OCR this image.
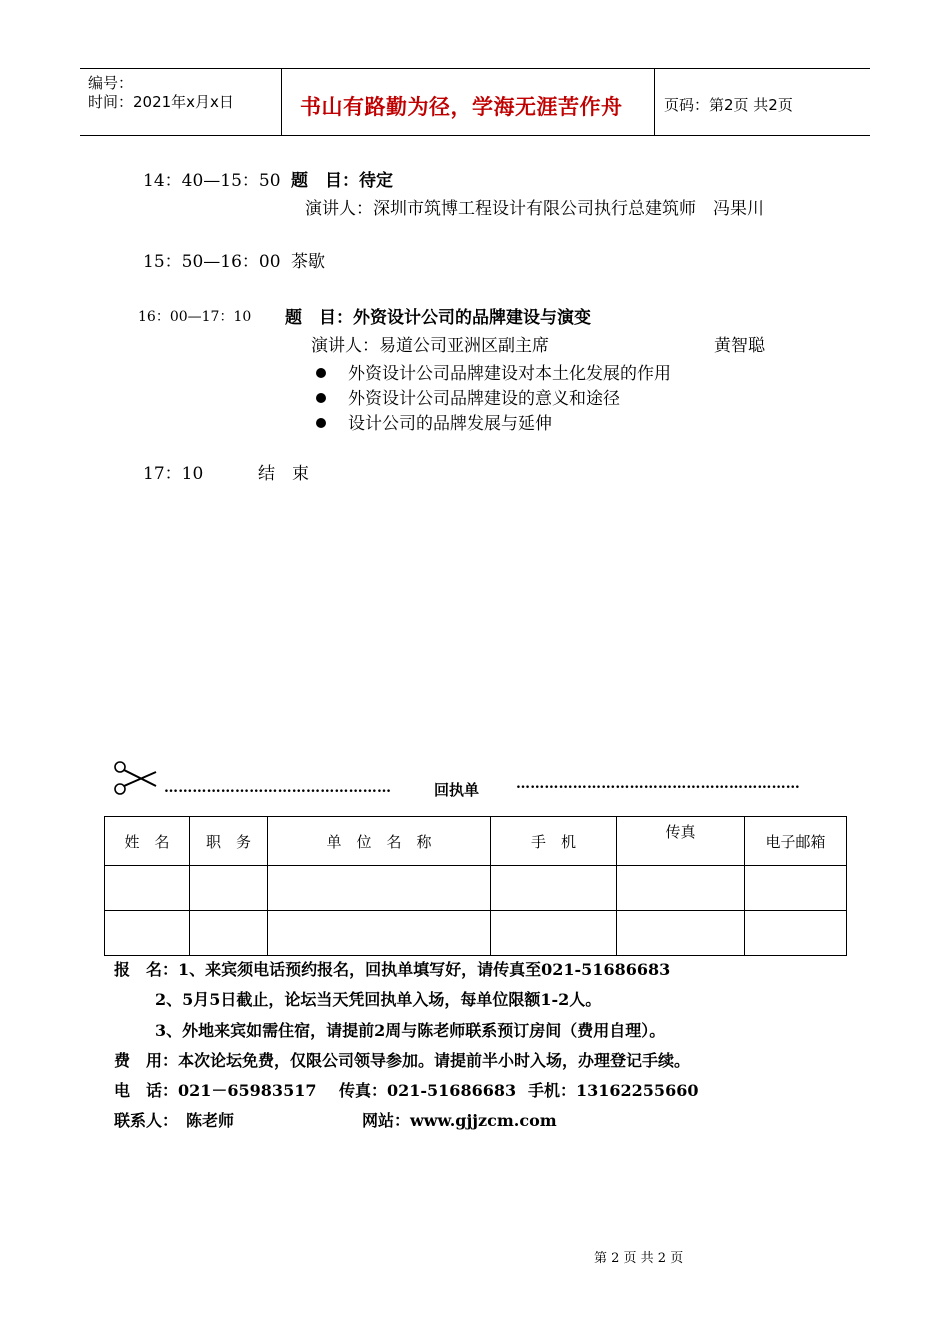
编号：
时间：2021年x月x日	书山有路勤为径，学海无涯苦作舟	页码：第2页 共2页
14：40—15：50 题　目：待定
演讲人：深圳市筑博工程设计有限公司执行总建筑师　冯果川
15：50—16：00 茶歇
16：00—17：10 题　目：外资设计公司的品牌建设与演变
演讲人：易道公司亚洲区副主席	黄智聪
外资设计公司品牌建设对本土化发展的作用
外资设计公司品牌建设的意义和途径
设计公司的品牌发展与延伸
17：10	结　束
…………………………………………	回执单	……………………………………………………
姓　名	职　务	单　位　名　称	手　机	传真	电子邮箱

报　名：1、来宾须电话预约报名，回执单填写好，请传真至021-51686683
2、5月5日截止，论坛当天凭回执单入场，每单位限额1-2人。
3、外地来宾如需住宿，请提前2周与陈老师联系预订房间（费用自理）。
费　用：本次论坛免费，仅限公司领导参加。请提前半小时入场，办理登记手续。
电　话：021－65983517 传真：021-51686683 手机：13162255660
联系人：　陈老师	网站：www.gjjzcm.com
第 2 页 共 2 页
